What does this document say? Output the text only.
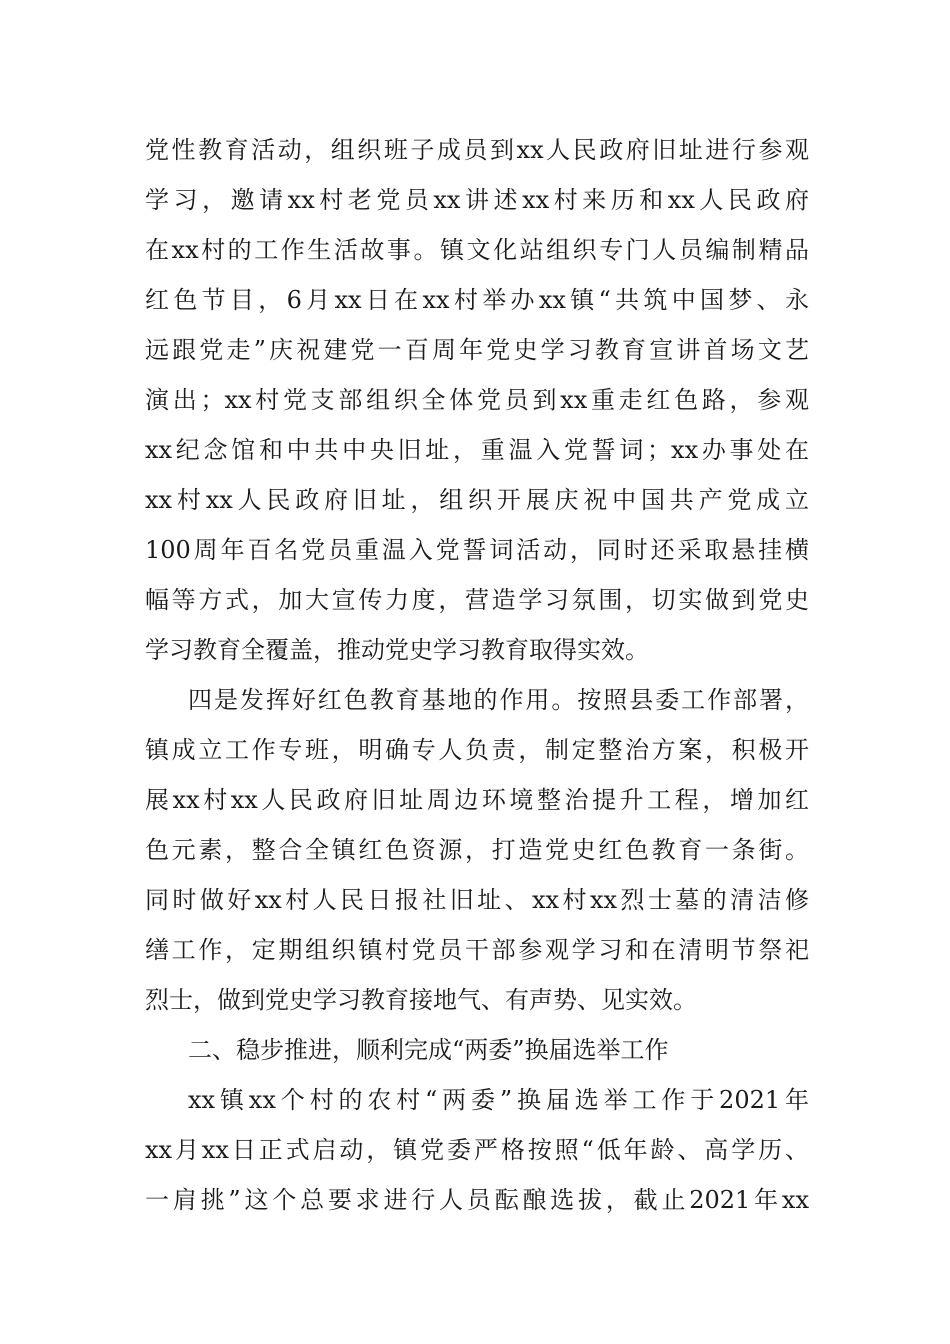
党性教育活动，组织班子成员到xx人民政府旧址进行参观
学习，邀请xx村老党员xx讲述xx村来历和xx人民政府
在xx村的工作生活故事。镇文化站组织专门人员编制精品
红色节目，6月xx日在xx村举办xx镇“共筑中国梦、永
远跟党走”庆祝建党一百周年党史学习教育宣讲首场文艺
演出；xx村党支部组织全体党员到xx重走红色路，参观
xx纪念馆和中共中央旧址，重温入党誓词；xx办事处在
xx村xx人民政府旧址，组织开展庆祝中国共产党成立
100周年百名党员重温入党誓词活动，同时还采取悬挂横
幅等方式，加大宣传力度，营造学习氛围，切实做到党史
学习教育全覆盖，推动党史学习教育取得实效。
四是发挥好红色教育基地的作用。按照县委工作部署，
镇成立工作专班，明确专人负责，制定整治方案，积极开
展xx村xx人民政府旧址周边环境整治提升工程，增加红
色元素，整合全镇红色资源，打造党史红色教育一条街。
同时做好xx村人民日报社旧址、xx村xx烈士墓的清洁修
缮工作，定期组织镇村党员干部参观学习和在清明节祭祀
烈士，做到党史学习教育接地气、有声势、见实效。
二、稳步推进，顺利完成“两委”换届选举工作
xx镇xx个村的农村“两委”换届选举工作于2021年
xx月xx日正式启动，镇党委严格按照“低年龄、高学历、
一肩挑”这个总要求进行人员酝酿选拔，截止2021年xx
